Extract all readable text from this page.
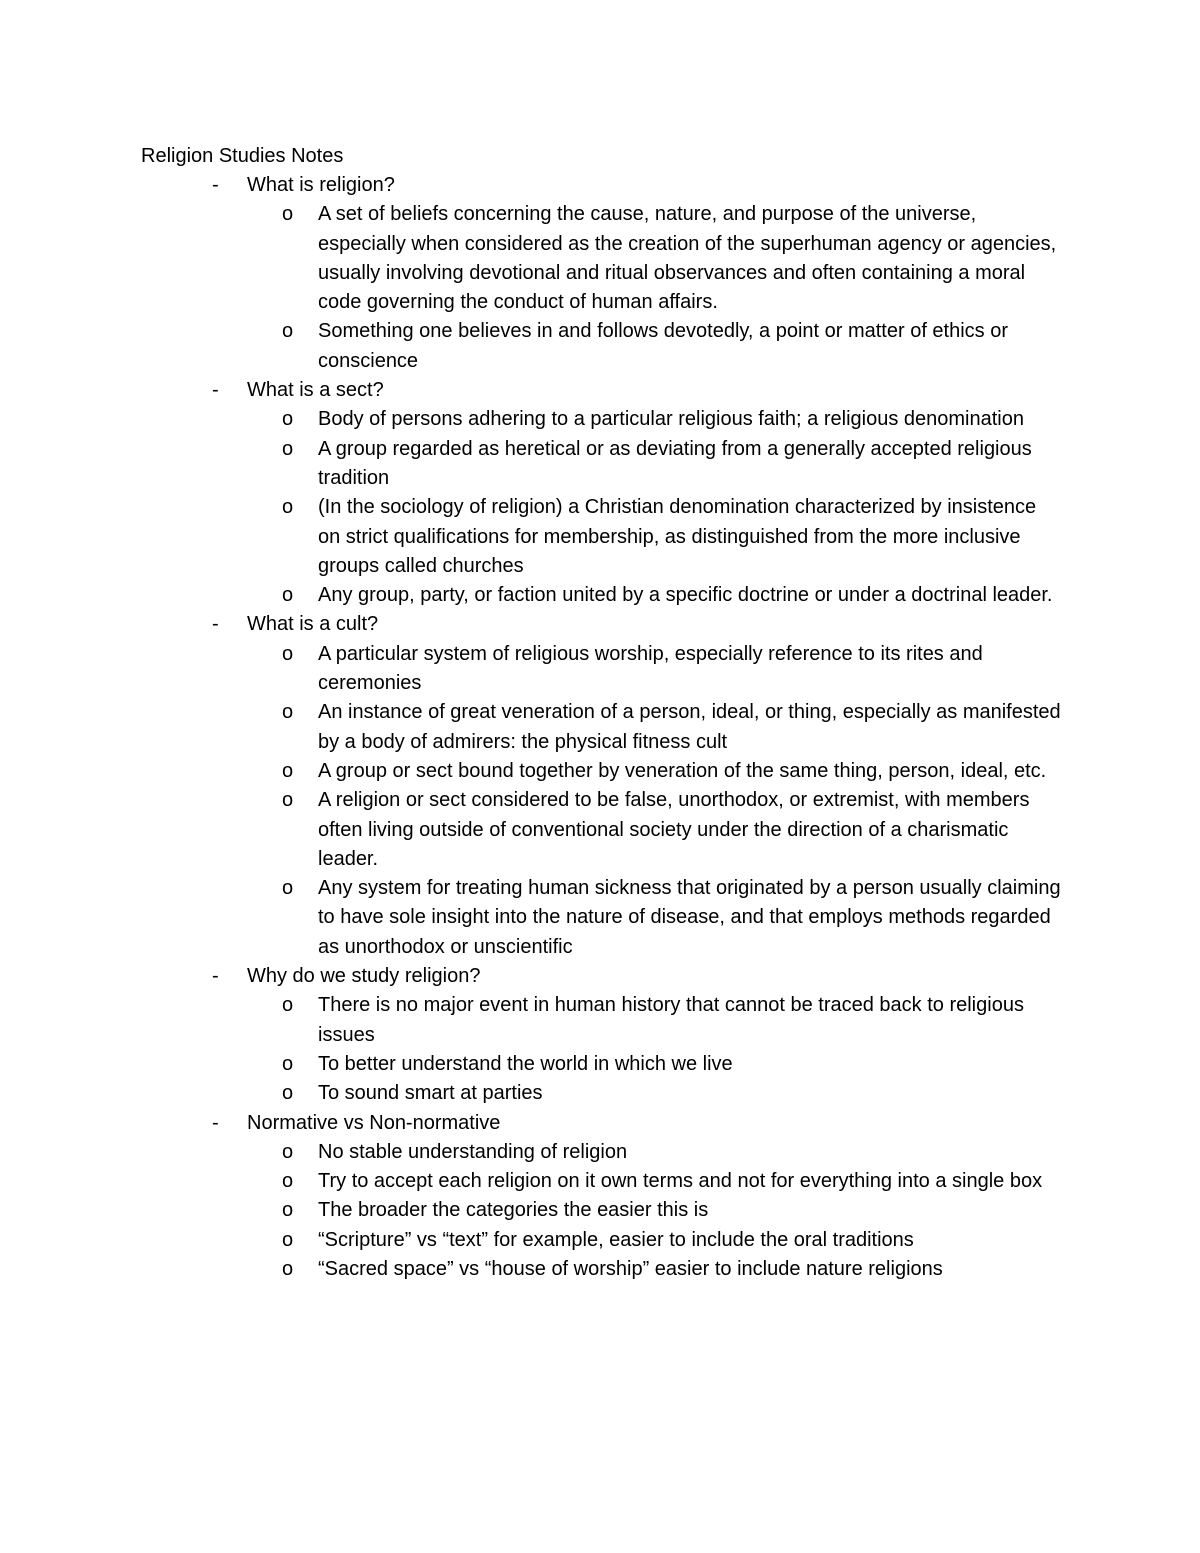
Religion Studies Notes
- What is religion?
o A set of beliefs concerning the cause, nature, and purpose of the universe, especially when considered as the creation of the superhuman agency or agencies, usually involving devotional and ritual observances and often containing a moral code governing the conduct of human affairs.
o Something one believes in and follows devotedly, a point or matter of ethics or conscience
- What is a sect?
o Body of persons adhering to a particular religious faith; a religious denomination
o A group regarded as heretical or as deviating from a generally accepted religious tradition
o (In the sociology of religion) a Christian denomination characterized by insistence on strict qualifications for membership, as distinguished from the more inclusive groups called churches
o Any group, party, or faction united by a specific doctrine or under a doctrinal leader.
- What is a cult?
o A particular system of religious worship, especially reference to its rites and ceremonies
o An instance of great veneration of a person, ideal, or thing, especially as manifested by a body of admirers: the physical fitness cult
o A group or sect bound together by veneration of the same thing, person, ideal, etc.
o A religion or sect considered to be false, unorthodox, or extremist, with members often living outside of conventional society under the direction of a charismatic leader.
o Any system for treating human sickness that originated by a person usually claiming to have sole insight into the nature of disease, and that employs methods regarded as unorthodox or unscientific
- Why do we study religion?
o There is no major event in human history that cannot be traced back to religious issues
o To better understand the world in which we live
o To sound smart at parties
- Normative vs Non-normative
o No stable understanding of religion
o Try to accept each religion on it own terms and not for everything into a single box
o The broader the categories the easier this is
o “Scripture” vs “text” for example, easier to include the oral traditions
o “Sacred space” vs “house of worship” easier to include nature religions
